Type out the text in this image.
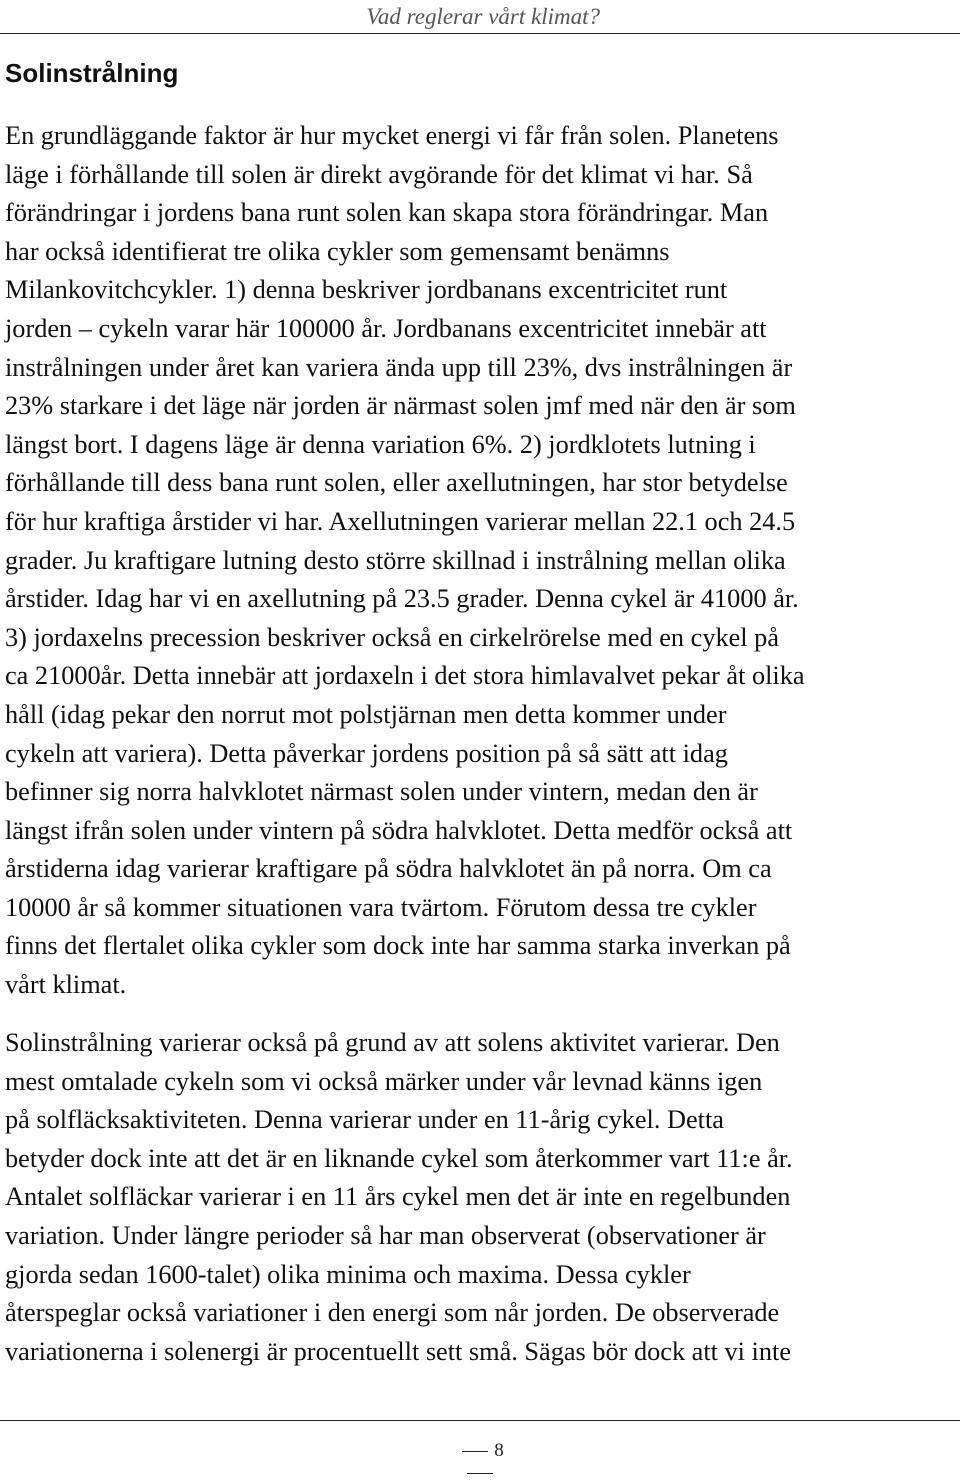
Vad reglerar vårt klimat?
Solinstrålning

En grundläggande faktor är hur mycket energi vi får från solen. Planetens
läge i förhållande till solen är direkt avgörande för det klimat vi har. Så
förändringar i jordens bana runt solen kan skapa stora förändringar. Man
har också identifierat tre olika cykler som gemensamt benämns
Milankovitchcykler. 1) denna beskriver jordbanans excentricitet runt
jorden – cykeln varar här 100000 år. Jordbanans excentricitet innebär att
instrålningen under året kan variera ända upp till 23%, dvs instrålningen är
23% starkare i det läge när jorden är närmast solen jmf med när den är som
längst bort. I dagens läge är denna variation 6%. 2) jordklotets lutning i
förhållande till dess bana runt solen, eller axellutningen, har stor betydelse
för hur kraftiga årstider vi har. Axellutningen varierar mellan 22.1 och 24.5
grader. Ju kraftigare lutning desto större skillnad i instrålning mellan olika
årstider. Idag har vi en axellutning på 23.5 grader. Denna cykel är 41000 år.
3) jordaxelns precession beskriver också en cirkelrörelse med en cykel på
ca 21000år. Detta innebär att jordaxeln i det stora himlavalvet pekar åt olika
håll (idag pekar den norrut mot polstjärnan men detta kommer under
cykeln att variera). Detta påverkar jordens position på så sätt att idag
befinner sig norra halvklotet närmast solen under vintern, medan den är
längst ifrån solen under vintern på södra halvklotet. Detta medför också att
årstiderna idag varierar kraftigare på södra halvklotet än på norra. Om ca
10000 år så kommer situationen vara tvärtom. Förutom dessa tre cykler
finns det flertalet olika cykler som dock inte har samma starka inverkan på
vårt klimat.

Solinstrålning varierar också på grund av att solens aktivitet varierar. Den
mest omtalade cykeln som vi också märker under vår levnad känns igen
på solfläcksaktiviteten. Denna varierar under en 11-årig cykel. Detta
betyder dock inte att det är en liknande cykel som återkommer vart 11:e år.
Antalet solfläckar varierar i en 11 års cykel men det är inte en regelbunden
variation. Under längre perioder så har man observerat (observationer är
gjorda sedan 1600-talet) olika minima och maxima. Dessa cykler
återspeglar också variationer i den energi som når jorden. De observerade
variationerna i solenergi är procentuellt sett små. Sägas bör dock att vi inte

8
